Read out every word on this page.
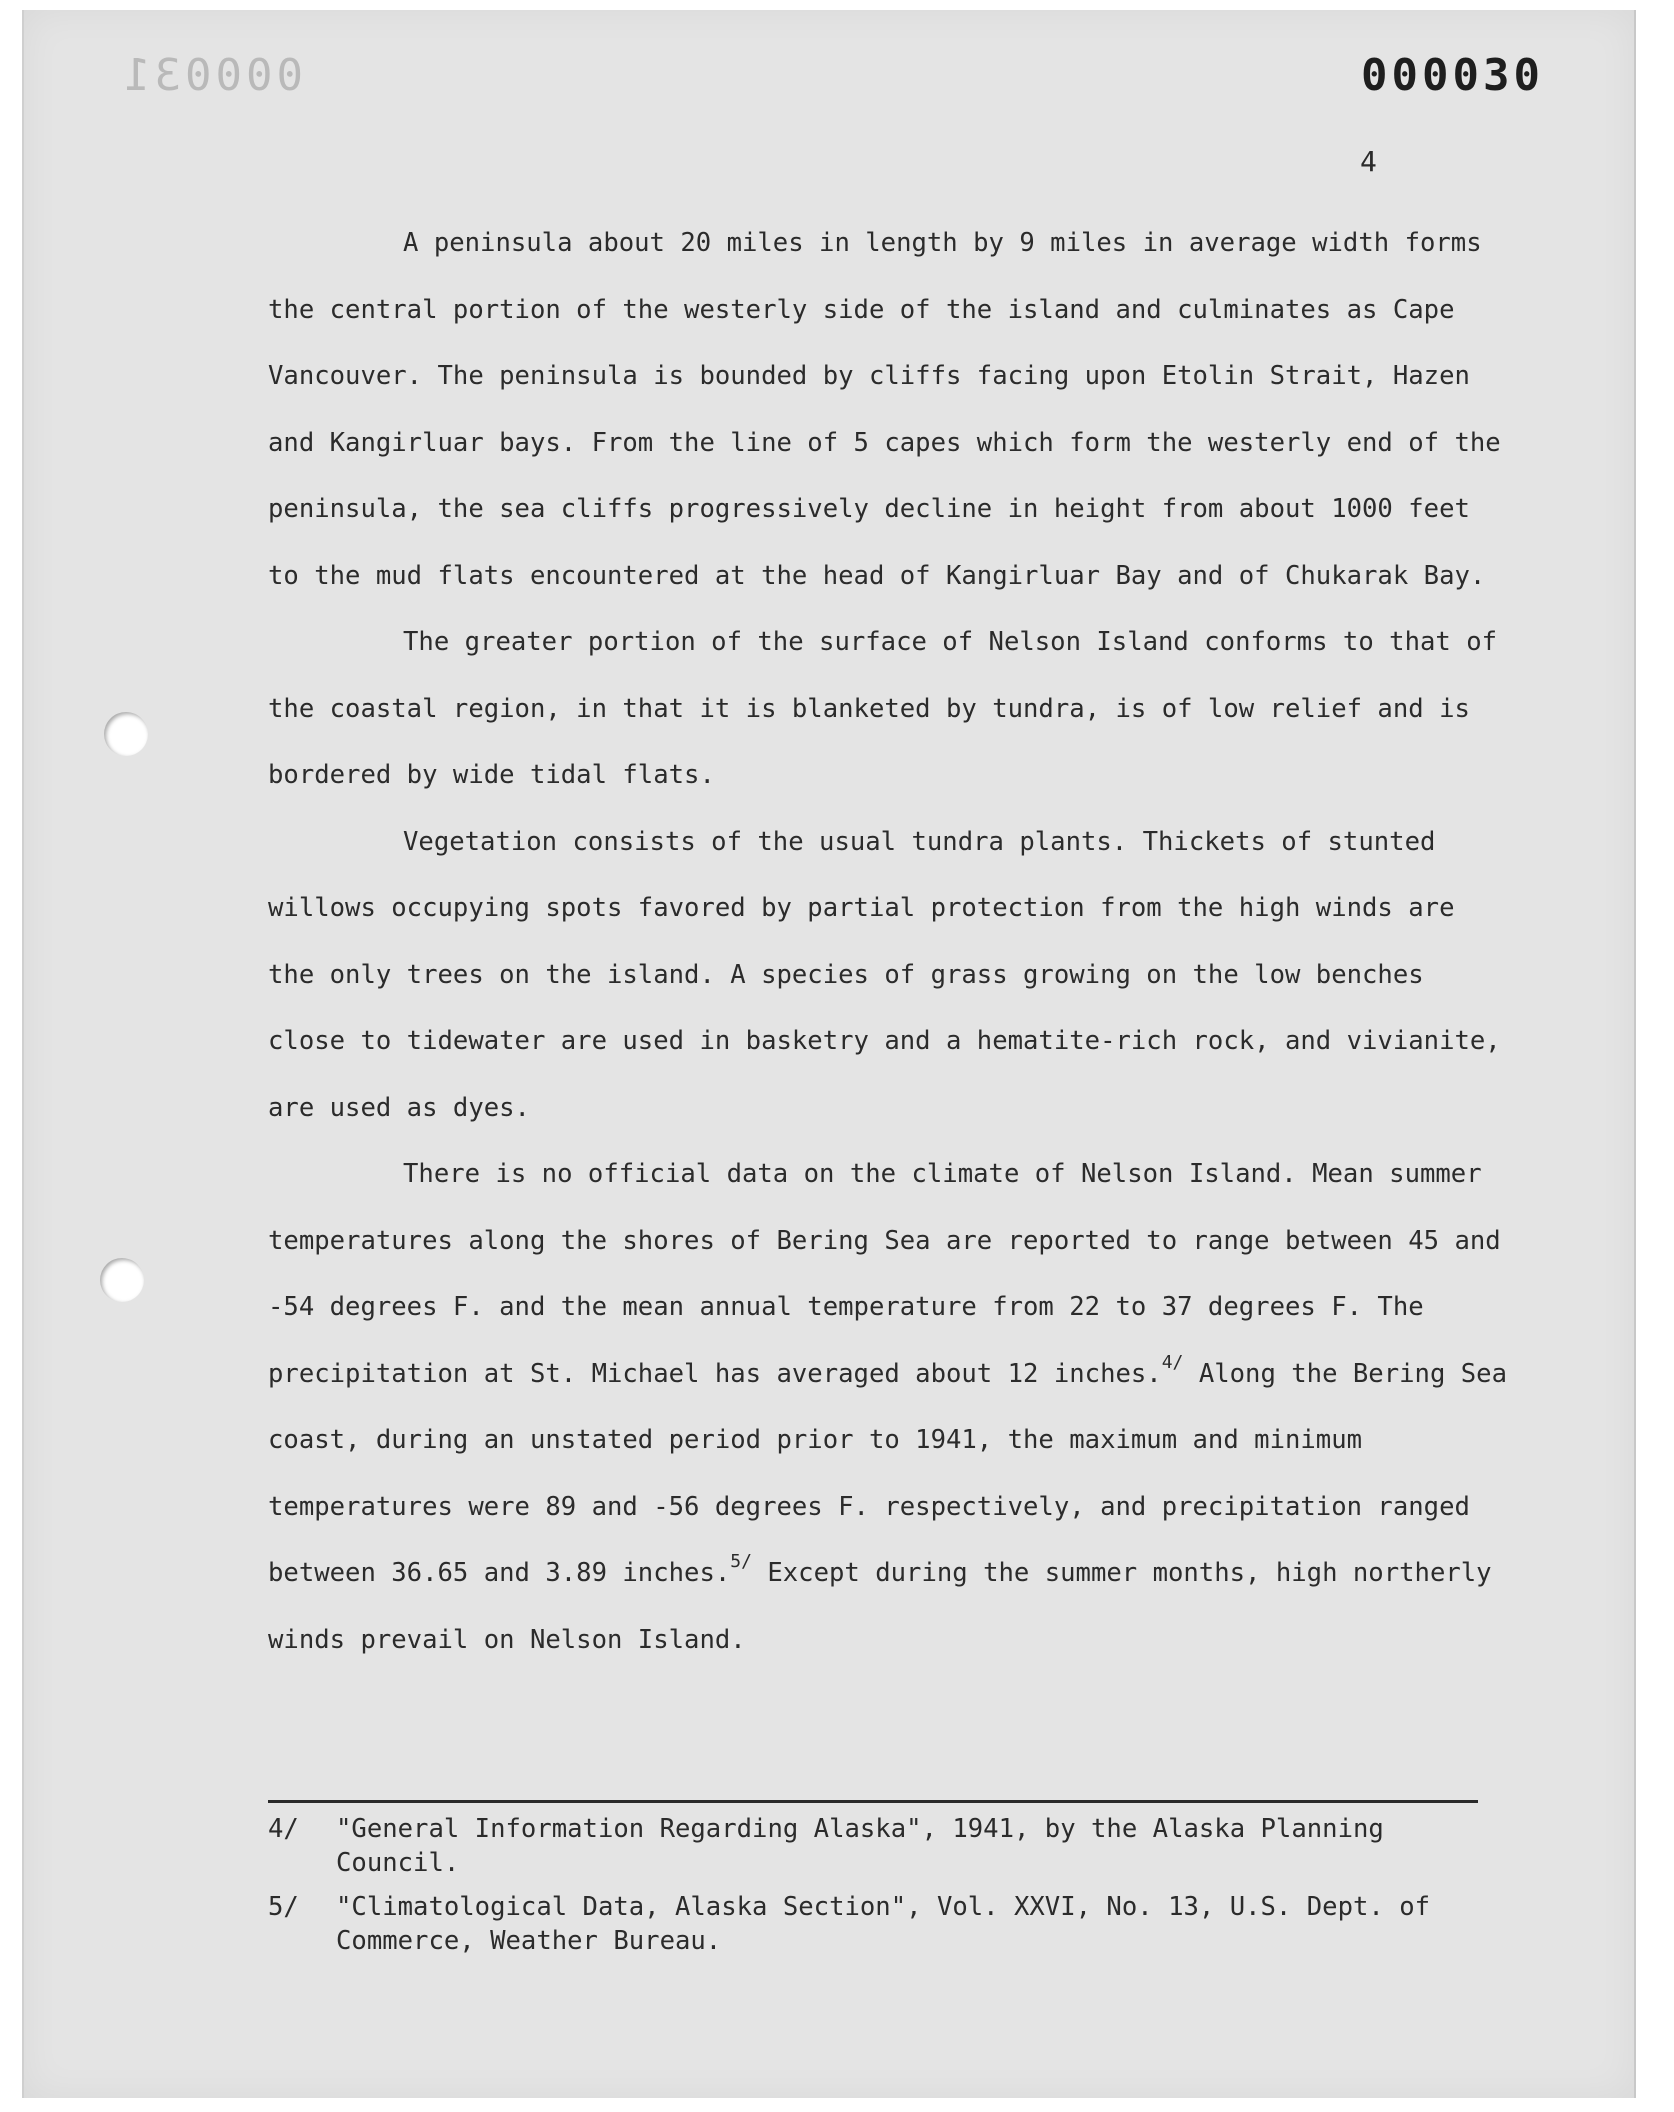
000031	000030
4

A peninsula about 20 miles in length by 9 miles in average width forms the central portion of the westerly side of the island and culminates as Cape Vancouver. The peninsula is bounded by cliffs facing upon Etolin Strait, Hazen and Kangirluar bays. From the line of 5 capes which form the westerly end of the peninsula, the sea cliffs progressively decline in height from about 1000 feet to the mud flats encountered at the head of Kangirluar Bay and of Chukarak Bay.

The greater portion of the surface of Nelson Island conforms to that of the coastal region, in that it is blanketed by tundra, is of low relief and is bordered by wide tidal flats.

Vegetation consists of the usual tundra plants. Thickets of stunted willows occupying spots favored by partial protection from the high winds are the only trees on the island. A species of grass growing on the low benches close to tidewater are used in basketry and a hematite-rich rock, and vivianite, are used as dyes.

There is no official data on the climate of Nelson Island. Mean summer temperatures along the shores of Bering Sea are reported to range between 45 and -54 degrees F. and the mean annual temperature from 22 to 37 degrees F. The precipitation at St. Michael has averaged about 12 inches.$^{4/}$ Along the Bering Sea coast, during an unstated period prior to 1941, the maximum and minimum temperatures were 89 and -56 degrees F. respectively, and precipitation ranged between 36.65 and 3.89 inches.$^{5/}$ Except during the summer months, high northerly winds prevail on Nelson Island.

4/	"General Information Regarding Alaska", 1941, by the Alaska Planning Council.
5/	"Climatological Data, Alaska Section", Vol. XXVI, No. 13, U.S. Dept. of Commerce, Weather Bureau.
